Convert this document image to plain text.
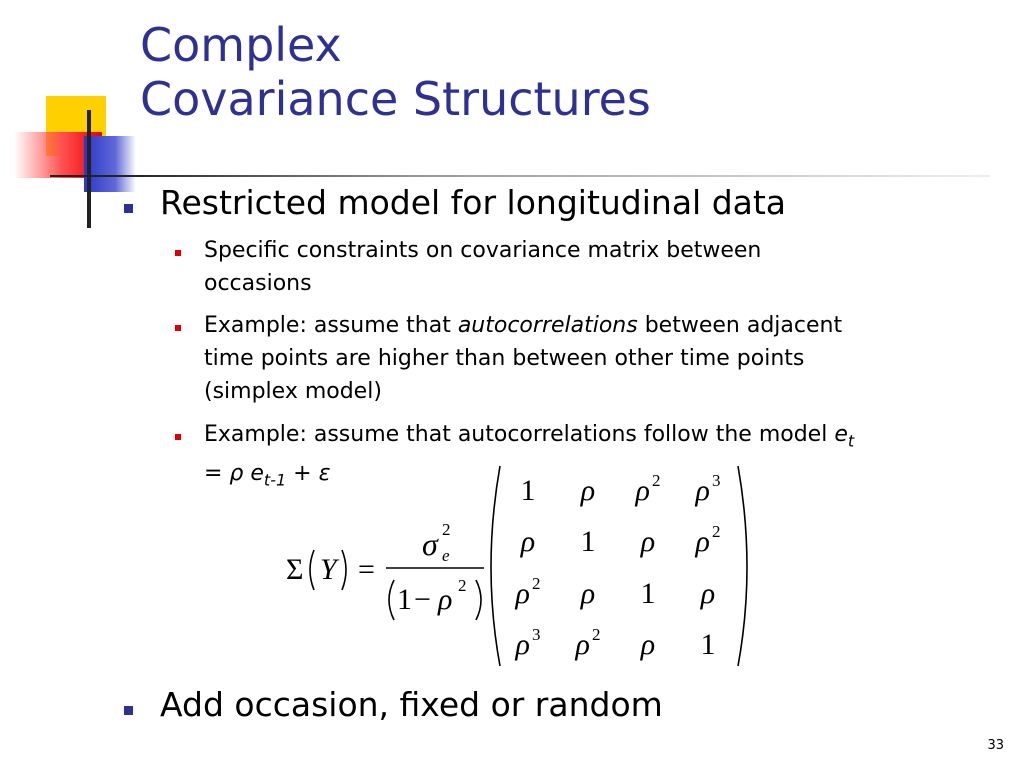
Complex
Covariance Structures
Restricted model for longitudinal data
Specific constraints on covariance matrix between
occasions
Example: assume that autocorrelations between adjacent
time points are higher than between other time points
(simplex model)
Example: assume that autocorrelations follow the model $e_t$
= ρ $e_{t-1} + \varepsilon$
Σ Y =
σ 2
e
1 − ρ 2
1 ρ ρ $^2$ ρ $^3$
ρ 1 ρ ρ $^2$
ρ $^2$ ρ 1 ρ
ρ $^3$ ρ $^2$ ρ 1
Add occasion, fixed or random
33
